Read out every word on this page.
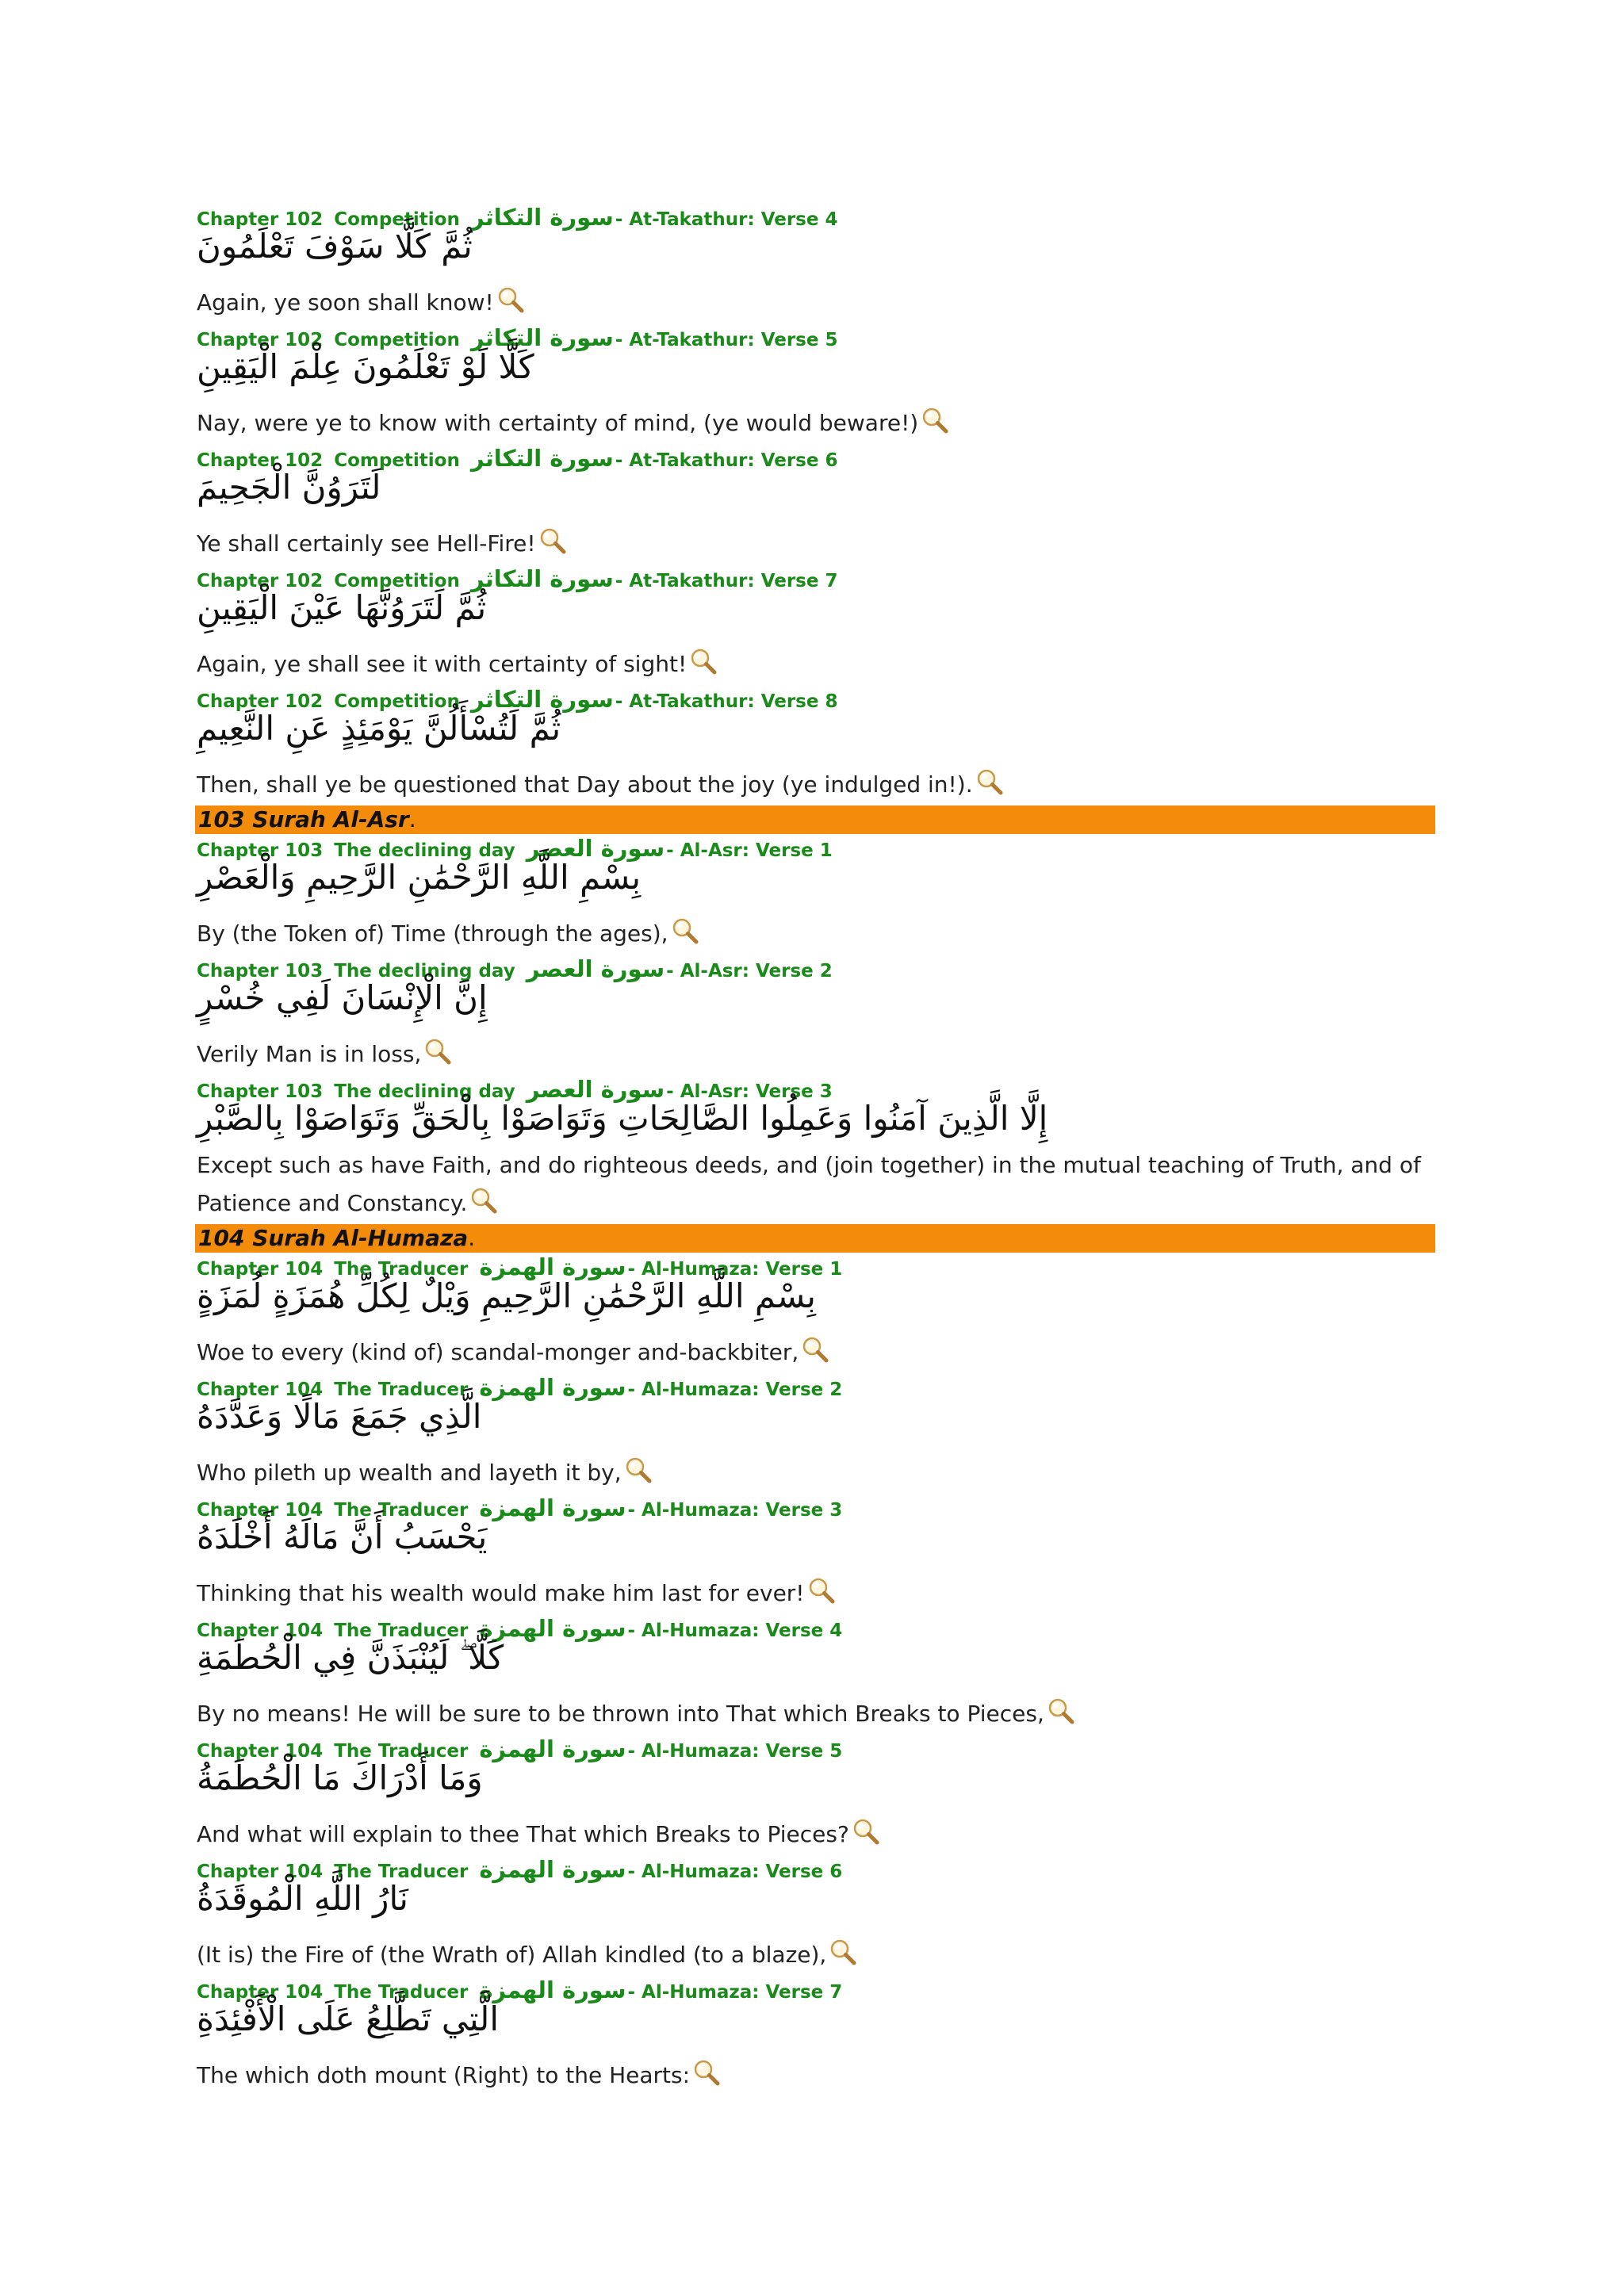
Chapter 102 Competition سورة التكاثر- At-Takathur: Verse 4
ثُمَّ كَلَّا سَوْفَ تَعْلَمُونَ
Again, ye soon shall know!
Chapter 102 Competition سورة التكاثر- At-Takathur: Verse 5
كَلَّا لَوْ تَعْلَمُونَ عِلْمَ الْيَقِينِ
Nay, were ye to know with certainty of mind, (ye would beware!)
Chapter 102 Competition سورة التكاثر- At-Takathur: Verse 6
لَتَرَوُنَّ الْجَحِيمَ
Ye shall certainly see Hell-Fire!
Chapter 102 Competition سورة التكاثر- At-Takathur: Verse 7
ثُمَّ لَتَرَوُنَّهَا عَيْنَ الْيَقِينِ
Again, ye shall see it with certainty of sight!
Chapter 102 Competition سورة التكاثر- At-Takathur: Verse 8
ثُمَّ لَتُسْأَلُنَّ يَوْمَئِذٍ عَنِ النَّعِيمِ
Then, shall ye be questioned that Day about the joy (ye indulged in!).
103 Surah Al-Asr.
Chapter 103 The declining day سورة العصر- Al-Asr: Verse 1
بِسْمِ اللَّهِ الرَّحْمَٰنِ الرَّحِيمِ وَالْعَصْرِ
By (the Token of) Time (through the ages),
Chapter 103 The declining day سورة العصر- Al-Asr: Verse 2
إِنَّ الْإِنْسَانَ لَفِي خُسْرٍ
Verily Man is in loss,
Chapter 103 The declining day سورة العصر- Al-Asr: Verse 3
إِلَّا الَّذِينَ آمَنُوا وَعَمِلُوا الصَّالِحَاتِ وَتَوَاصَوْا بِالْحَقِّ وَتَوَاصَوْا بِالصَّبْرِ
Except such as have Faith, and do righteous deeds, and (join together) in the mutual teaching of Truth, and of Patience and Constancy.
104 Surah Al-Humaza.
Chapter 104 The Traducer سورة الهمزة- Al-Humaza: Verse 1
بِسْمِ اللَّهِ الرَّحْمَٰنِ الرَّحِيمِ وَيْلٌ لِكُلِّ هُمَزَةٍ لُمَزَةٍ
Woe to every (kind of) scandal-monger and-backbiter,
Chapter 104 The Traducer سورة الهمزة- Al-Humaza: Verse 2
الَّذِي جَمَعَ مَالًا وَعَدَّدَهُ
Who pileth up wealth and layeth it by,
Chapter 104 The Traducer سورة الهمزة- Al-Humaza: Verse 3
يَحْسَبُ أَنَّ مَالَهُ أَخْلَدَهُ
Thinking that his wealth would make him last for ever!
Chapter 104 The Traducer سورة الهمزة- Al-Humaza: Verse 4
كَلَّا ۖ لَيُنْبَذَنَّ فِي الْحُطَمَةِ
By no means! He will be sure to be thrown into That which Breaks to Pieces,
Chapter 104 The Traducer سورة الهمزة- Al-Humaza: Verse 5
وَمَا أَدْرَاكَ مَا الْحُطَمَةُ
And what will explain to thee That which Breaks to Pieces?
Chapter 104 The Traducer سورة الهمزة- Al-Humaza: Verse 6
نَارُ اللَّهِ الْمُوقَدَةُ
(It is) the Fire of (the Wrath of) Allah kindled (to a blaze),
Chapter 104 The Traducer سورة الهمزة- Al-Humaza: Verse 7
الَّتِي تَطَّلِعُ عَلَى الْأَفْئِدَةِ
The which doth mount (Right) to the Hearts:
